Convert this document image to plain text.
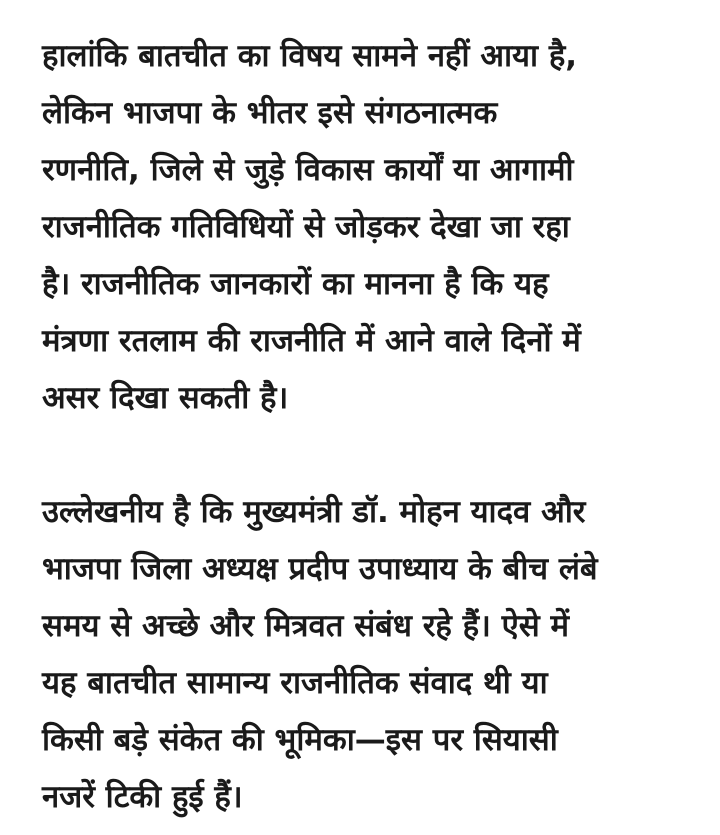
हालांकि बातचीत का विषय सामने नहीं आया है,
लेकिन भाजपा के भीतर इसे संगठनात्मक
रणनीति, जिले से जुड़े विकास कार्यों या आगामी
राजनीतिक गतिविधियों से जोड़कर देखा जा रहा
है। राजनीतिक जानकारों का मानना है कि यह
मंत्रणा रतलाम की राजनीति में आने वाले दिनों में
असर दिखा सकती है।

उल्लेखनीय है कि मुख्यमंत्री डॉ. मोहन यादव और
भाजपा जिला अध्यक्ष प्रदीप उपाध्याय के बीच लंबे
समय से अच्छे और मित्रवत संबंध रहे हैं। ऐसे में
यह बातचीत सामान्य राजनीतिक संवाद थी या
किसी बड़े संकेत की भूमिका—इस पर सियासी
नजरें टिकी हुई हैं।
